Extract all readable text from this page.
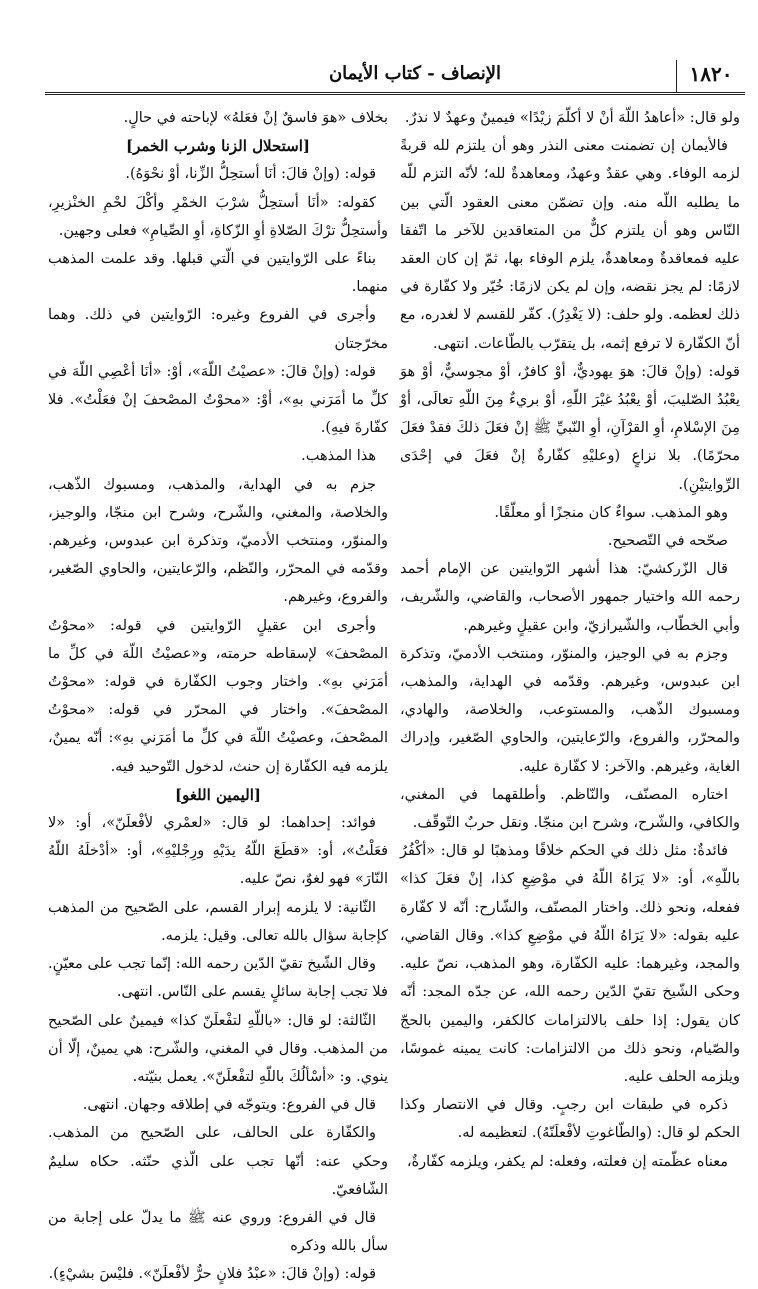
١٨٢٠
الإنصاف - كتاب الأيمان

ولو قال: «أعاهدُ اللّهَ أنْ لا أكلّمَ زيْدًا» فيمينٌ وعهدٌ لا نذرٌ.

فالأيمان إن تضمنت معنى النذر وهو أن يلتزم لله قربةً لزمه الوفاء. وهي عقدٌ وعهدٌ، ومعاهدةٌ لله؛ لأنّه التزم للّه ما يطلبه اللّه منه. وإن تضمّن معنى العقود الّتي بين النّاس وهو أن يلتزم كلٌّ من المتعاقدين للآخر ما اتّفقا عليه فمعاقدةٌ ومعاهدةٌ، يلزم الوفاء بها، ثمّ إن كان العقد لازمًا: لم يجز نقضه، وإن لم يكن لازمًا: خُيّر ولا كفّارة في ذلك لعظمه. ولو حلف: (لا يَغْدِرُ). كفّر للقسم لا لغدره، مع أنّ الكفّارة لا ترفع إثمه، بل يتقرّب بالطّاعات. انتهى.

قوله: (وإنْ قالَ: هوَ يهوديٌّ، أوْ كافرٌ، أوْ مجوسيٌّ، أوْ هوَ يعْبُدُ الصّليبَ، أوْ يعْبُدُ غيْرَ اللّهِ، أوْ بريءٌ مِنَ اللّهِ تعالَى، أوْ مِنَ الإسْلامِ، أوِ القرْآنِ، أوِ النّبيِّ ﷺ إنْ فعَلَ ذلكَ فقدْ فعَلَ محرّمًا). بلا نزاعٍ (وعليْهِ كفّارةٌ إنْ فعَلَ في إحْدَى الرِّوايتيْنِ).

وهو المذهب. سواءٌ كان منجزًا أو معلّقًا.

صحّحه في التّصحيح.

قال الزّركشيّ: هذا أشهر الرّوايتين عن الإمام أحمد رحمه الله واختيار جمهور الأصحاب، والقاضي، والشّريف، وأبي الخطّاب، والشّيرازيّ، وابن عقيلٍ وغيرهم.

وجزم به في الوجيز، والمنوّر، ومنتخب الأدميّ، وتذكرة ابن عبدوس، وغيرهم. وقدّمه في الهداية، والمذهب، ومسبوك الذّهب، والمستوعب، والخلاصة، والهادي، والمحرّر، والفروع، والرّعايتين، والحاوي الصّغير، وإدراك الغاية، وغيرهم. والآخر: لا كفّارة عليه.

اختاره المصنّف، والنّاظم. وأطلقهما في المغني، والكافي، والشّرح، وشرح ابن منجّا. ونقل حربٌ التّوقّف.

فائدةٌ: مثل ذلك في الحكم خلافًا ومذهبًا لو قال: «أكْفُرُ باللّهِ»، أو: «لا يَرَاهُ اللّهُ في موْضِعِ كذا، إنْ فعَلَ كذا» ففعله، ونحو ذلك. واختار المصنّف، والشّارح: أنّه لا كفّارة عليه بقوله: «لا يَرَاهُ اللّهُ في موْضِعِ كذا». وقال القاضي، والمجد، وغيرهما: عليه الكفّارة، وهو المذهب، نصّ عليه. وحكى الشّيخ تقيّ الدّين رحمه الله، عن جدّه المجد: أنّه كان يقول: إذا حلف بالالتزامات كالكفر، واليمين بالحجّ والصّيام، ونحو ذلك من الالتزامات: كانت يمينه غموسًا، ويلزمه الحلف عليه.

ذكره في طبقات ابن رجبٍ. وقال في الانتصار وكذا الحكم لو قال: (والطّاغوتِ لأفْعلَنّهُ). لتعظيمه له.

معناه عظّمته إن فعلته، وفعله: لم يكفر، ويلزمه كفّارةٌ،

بخلاف «هوَ فاسقٌ إنْ فعَلهُ» لإباحته في حالٍ.

[استحلال الزنا وشرب الخمر]

قوله: (وإنْ قالَ: أنَا أستحِلُّ الزِّنا، أوْ نحْوَهُ).

كقوله: «أنَا أستحِلُّ شرْبَ الخمْرِ وأكْلَ لحْمِ الخنْزيرِ، وأستحِلُّ ترْكَ الصّلاةِ أوِ الزّكاةِ، أوِ الصِّيامِ» فعلى وجهين.

بناءً على الرّوايتين في الّتي قبلها. وقد علمت المذهب منهما.

وأجرى في الفروع وغيره: الرّوايتين في ذلك. وهما مخرّجتان

قوله: (وإنْ قالَ: «عصيْتُ اللّهَ»، أوْ: «أنَا أعْصِي اللّهَ في كلِّ ما أمَرَني بهِ»، أوْ: «محوْتُ المصْحفَ إنْ فعَلْتُ». فلا كفّارةَ فيهِ).

هذا المذهب.

جزم به في الهداية، والمذهب، ومسبوك الذّهب، والخلاصة، والمغني، والشّرح، وشرح ابن منجّا، والوجيز، والمنوّر، ومنتخب الأدميّ، وتذكرة ابن عبدوس، وغيرهم. وقدّمه في المحرّر، والنّظم، والرّعايتين، والحاوي الصّغير، والفروع، وغيرهم.

وأجرى ابن عقيلٍ الرّوايتين في قوله: «محوْتُ المصْحفَ» لإسقاطه حرمته، و«عصيْتُ اللّهَ في كلِّ ما أمَرَني بهِ». واختار وجوب الكفّارة في قوله: «محوْتُ المصْحفَ». واختار في المحرّر في قوله: «محوْتُ المصْحفَ، وعصيْتُ اللّهَ في كلِّ ما أمَرَني بهِ»: أنّه يمينٌ، يلزمه فيه الكفّارة إن حنث، لدخول التّوحيد فيه.

[اليمين اللغو]

فوائد: إحداهما: لو قال: «لعمْري لأفْعلَنّ»، أو: «لا فعَلْتُ»، أو: «قطَعَ اللّهُ يدَيْهِ ورِجْليْهِ»، أو: «أدْخلَهُ اللّهُ النّارَ» فهو لغوٌ، نصّ عليه.

الثّانية: لا يلزمه إبرار القسم، على الصّحيح من المذهب كإجابة سؤال بالله تعالى. وقيل: يلزمه.

وقال الشّيخ تقيّ الدّين رحمه الله: إنّما تجب على معيّنٍ. فلا تجب إجابة سائلٍ يقسم على النّاس. انتهى.

الثّالثة: لو قال: «باللّهِ لتفْعلَنّ كذا» فيمينٌ على الصّحيح من المذهب. وقال في المغني، والشّرح: هي يمينٌ، إلّا أن ينوي. و: «أسْألُكَ باللّهِ لتفْعلَنّ». يعمل بنيّته.

قال في الفروع: ويتوجّه في إطلاقه وجهان. انتهى.

والكفّارة على الحالف، على الصّحيح من المذهب. وحكي عنه: أنّها تجب على الّذي حنّثه. حكاه سليمٌ الشّافعيّ.

قال في الفروع: وروي عنه ﷺ ما يدلّ على إجابة من سأل بالله وذكره

قوله: (وإنْ قالَ: «عبْدُ فلانٍ حرٌّ لأفْعلَنّ». فليْسَ بشيْءٍ).
